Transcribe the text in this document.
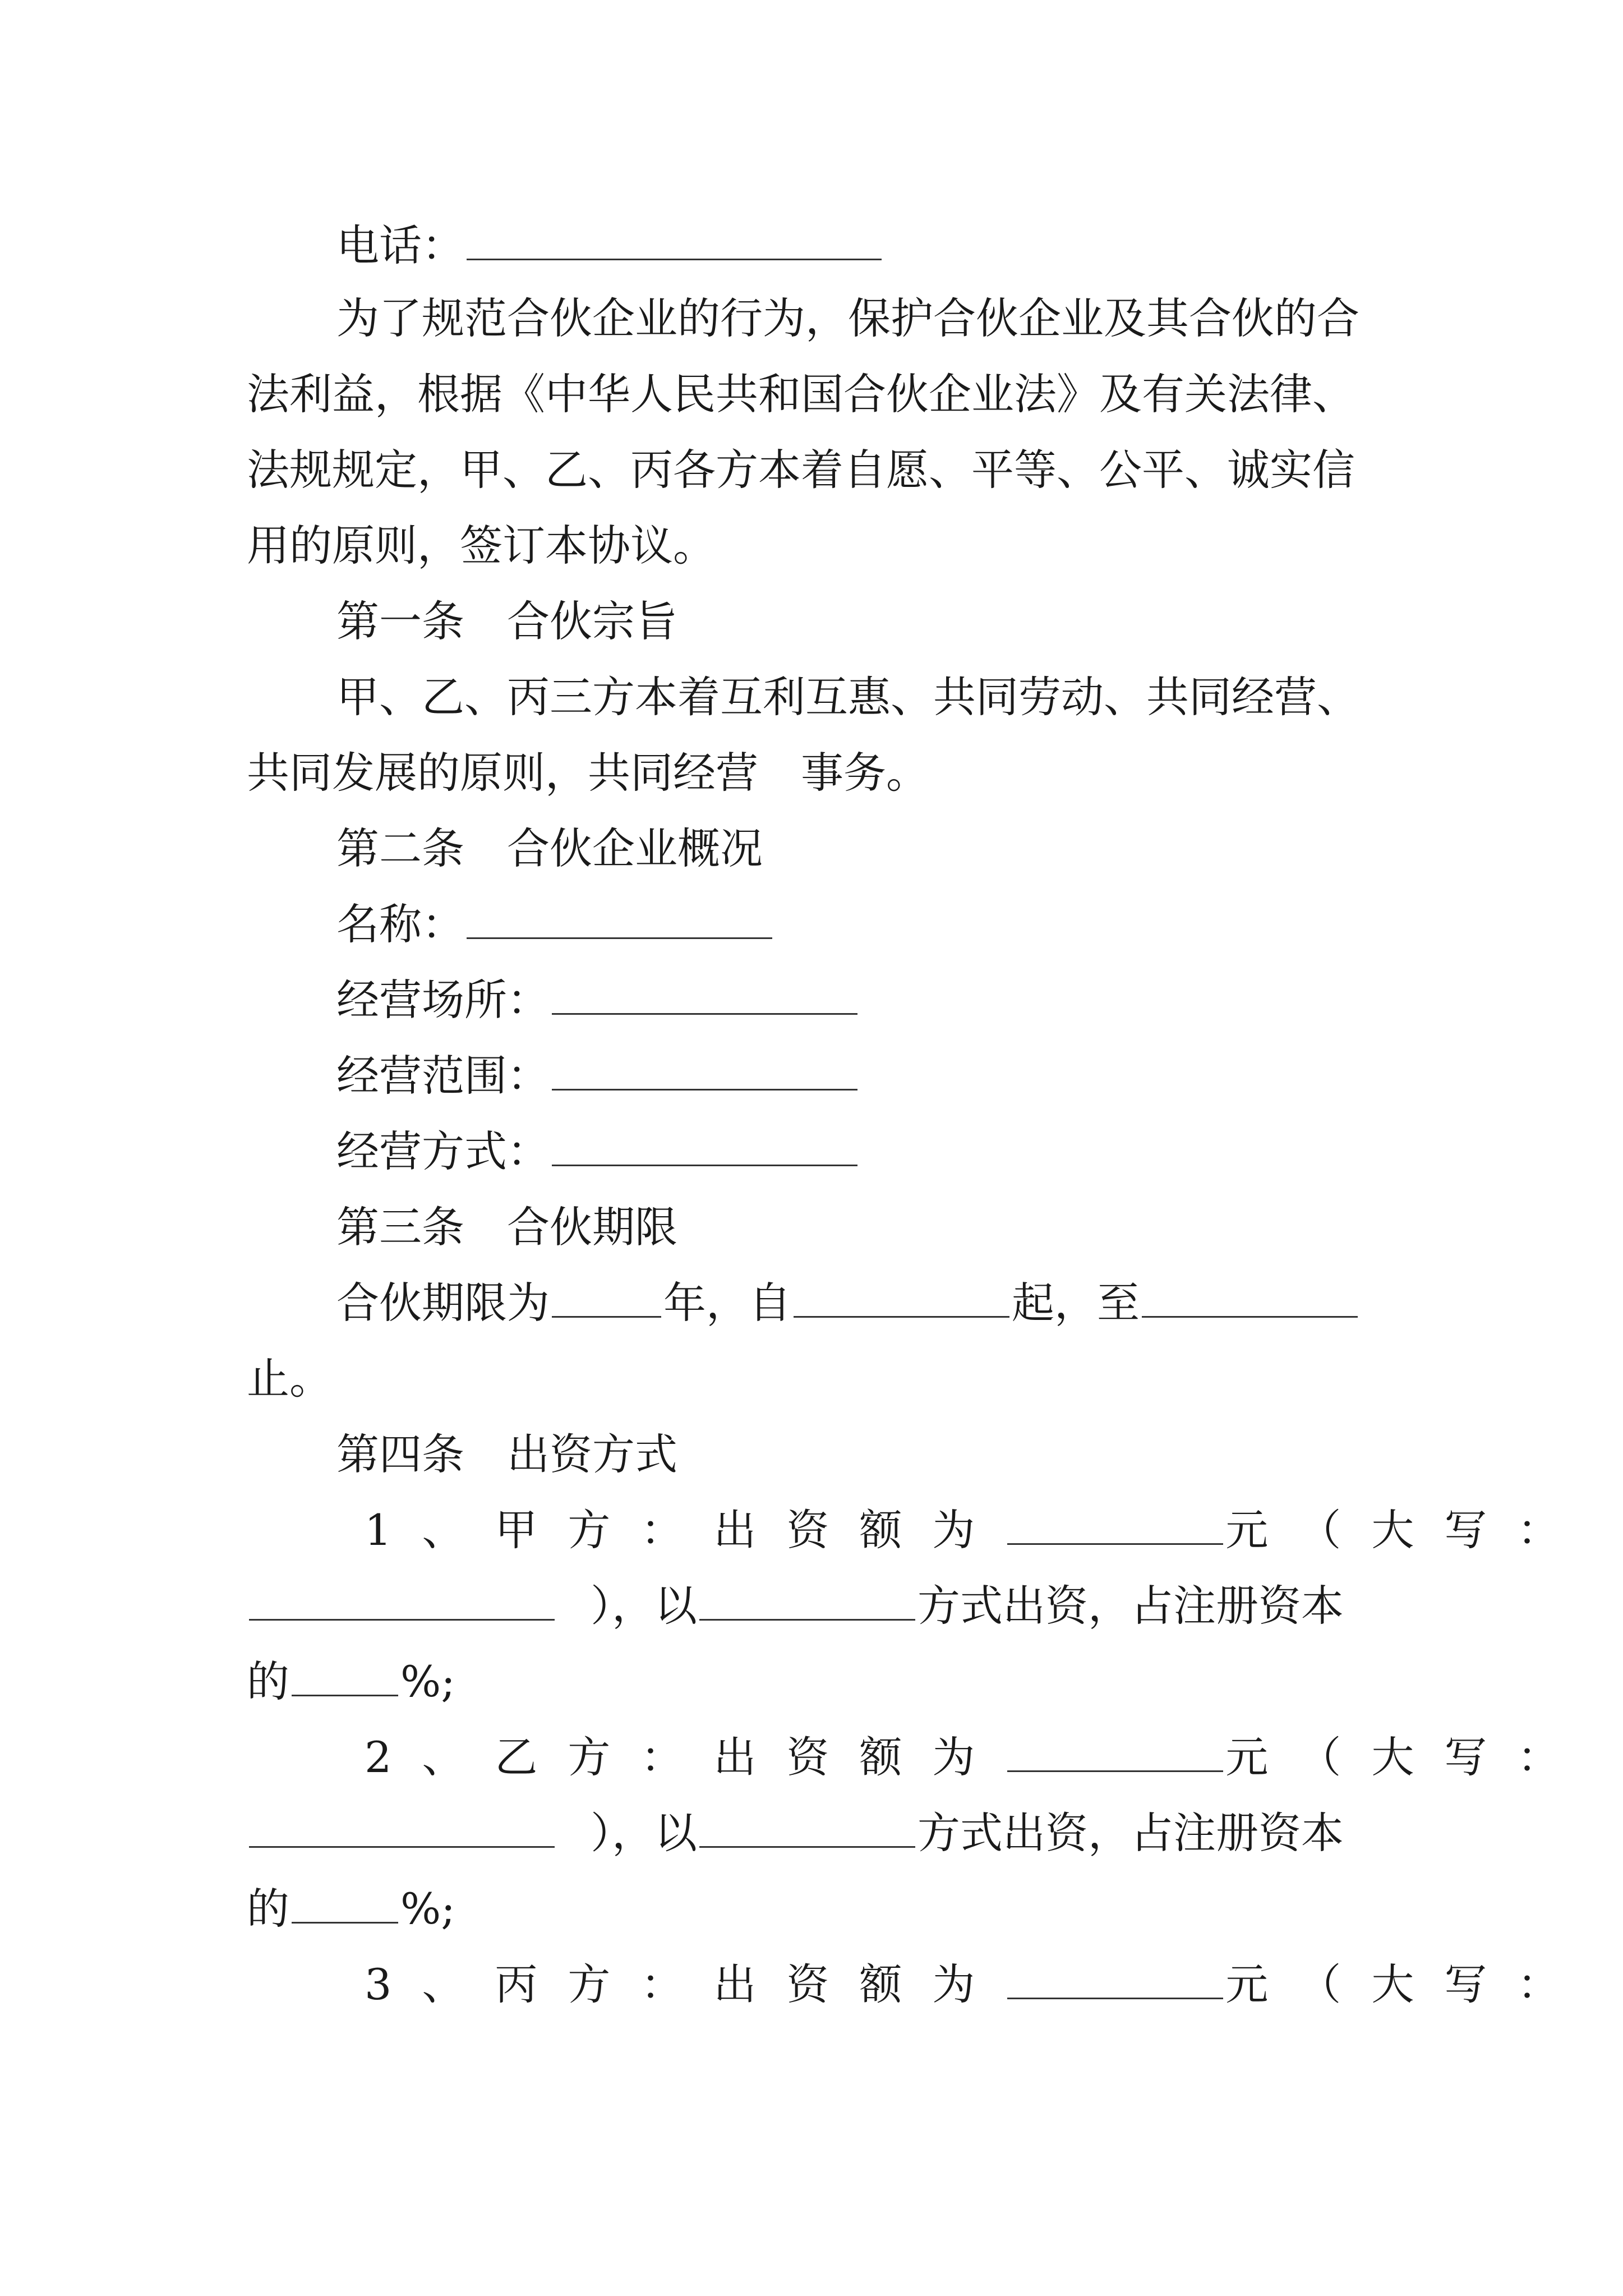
电话：
为了规范合伙企业的行为，保护合伙企业及其合伙的合
法利益，根据《中华人民共和国合伙企业法》及有关法律、
法规规定，甲、乙、丙各方本着自愿、平等、公平、诚实信
用的原则，签订本协议。
第一条　合伙宗旨
甲、乙、丙三方本着互利互惠、共同劳动、共同经营、
共同发展的原则，共同经营　事务。
第二条　合伙企业概况
名称：
经营场所：
经营范围：
经营方式：
第三条　合伙期限
合伙期限为	年，自	起，至
止。
第四条　出资方式
1、甲方：出资额为	元（大写：
），以	方式出资，占注册资本
的	%;
2、乙方：出资额为	元（大写：
），以	方式出资，占注册资本
的	%;
3、丙方：出资额为	元（大写：
